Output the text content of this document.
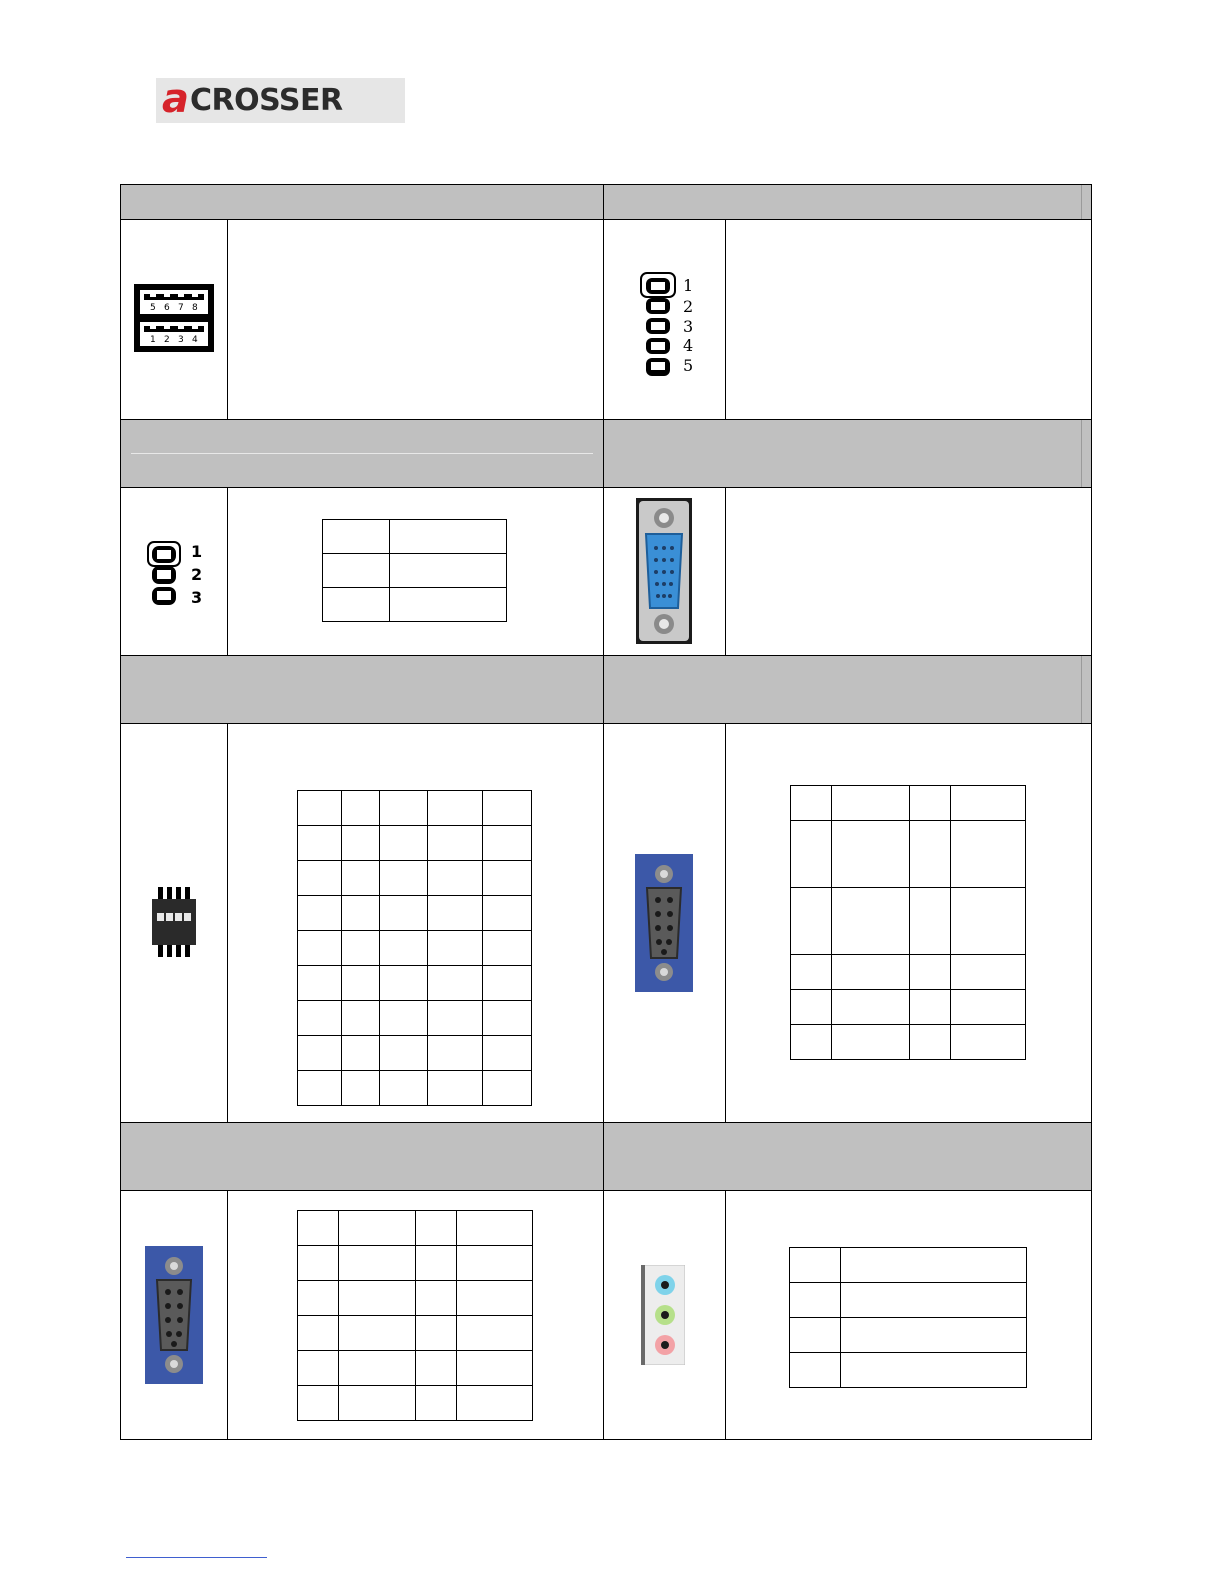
a CROSSER
5 6 7 8
1 2 3 4
1
2
3
4
5
1
2
3
